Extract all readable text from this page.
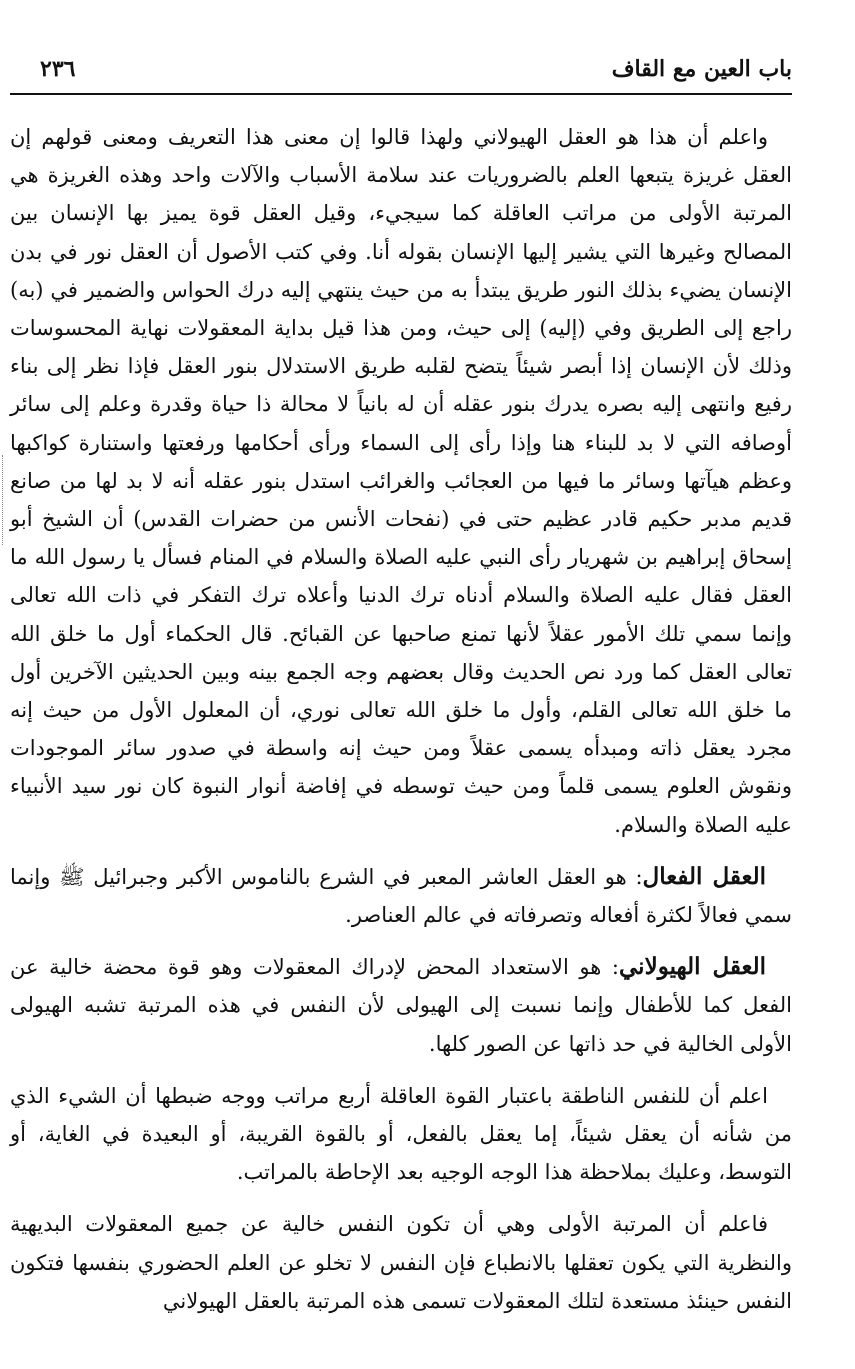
باب العين مع القاف
٢٣٦

واعلم أن هذا هو العقل الهيولاني ولهذا قالوا إن معنى هذا التعريف ومعنى قولهم إن العقل غريزة يتبعها العلم بالضروريات عند سلامة الأسباب والآلات واحد وهذه الغريزة هي المرتبة الأولى من مراتب العاقلة كما سيجيء، وقيل العقل قوة يميز بها الإنسان بين المصالح وغيرها التي يشير إليها الإنسان بقوله أنا. وفي كتب الأصول أن العقل نور في بدن الإنسان يضيء بذلك النور طريق يبتدأ به من حيث ينتهي إليه درك الحواس والضمير في (به) راجع إلى الطريق وفي (إليه) إلى حيث، ومن هذا قيل بداية المعقولات نهاية المحسوسات وذلك لأن الإنسان إذا أبصر شيئاً يتضح لقلبه طريق الاستدلال بنور العقل فإذا نظر إلى بناء رفيع وانتهى إليه بصره يدرك بنور عقله أن له بانياً لا محالة ذا حياة وقدرة وعلم إلى سائر أوصافه التي لا بد للبناء هنا وإذا رأى إلى السماء ورأى أحكامها ورفعتها واستنارة كواكبها وعظم هيآتها وسائر ما فيها من العجائب والغرائب استدل بنور عقله أنه لا بد لها من صانع قديم مدبر حكيم قادر عظيم حتى في (نفحات الأنس من حضرات القدس) أن الشيخ أبو إسحاق إبراهيم بن شهريار رأى النبي عليه الصلاة والسلام في المنام فسأل يا رسول الله ما العقل فقال عليه الصلاة والسلام أدناه ترك الدنيا وأعلاه ترك التفكر في ذات الله تعالى وإنما سمي تلك الأمور عقلاً لأنها تمنع صاحبها عن القبائح. قال الحكماء أول ما خلق الله تعالى العقل كما ورد نص الحديث وقال بعضهم وجه الجمع بينه وبين الحديثين الآخرين أول ما خلق الله تعالى القلم، وأول ما خلق الله تعالى نوري، أن المعلول الأول من حيث إنه مجرد يعقل ذاته ومبدأه يسمى عقلاً ومن حيث إنه واسطة في صدور سائر الموجودات ونقوش العلوم يسمى قلماً ومن حيث توسطه في إفاضة أنوار النبوة كان نور سيد الأنبياء عليه الصلاة والسلام.

العقل الفعال: هو العقل العاشر المعبر في الشرع بالناموس الأكبر وجبرائيل ﷺ وإنما سمي فعالاً لكثرة أفعاله وتصرفاته في عالم العناصر.

العقل الهيولاني: هو الاستعداد المحض لإدراك المعقولات وهو قوة محضة خالية عن الفعل كما للأطفال وإنما نسبت إلى الهيولى لأن النفس في هذه المرتبة تشبه الهيولى الأولى الخالية في حد ذاتها عن الصور كلها.

اعلم أن للنفس الناطقة باعتبار القوة العاقلة أربع مراتب ووجه ضبطها أن الشيء الذي من شأنه أن يعقل شيئاً، إما يعقل بالفعل، أو بالقوة القريبة، أو البعيدة في الغاية، أو التوسط، وعليك بملاحظة هذا الوجه الوجيه بعد الإحاطة بالمراتب.

فاعلم أن المرتبة الأولى وهي أن تكون النفس خالية عن جميع المعقولات البديهية والنظرية التي يكون تعقلها بالانطباع فإن النفس لا تخلو عن العلم الحضوري بنفسها فتكون النفس حينئذ مستعدة لتلك المعقولات تسمى هذه المرتبة بالعقل الهيولاني
